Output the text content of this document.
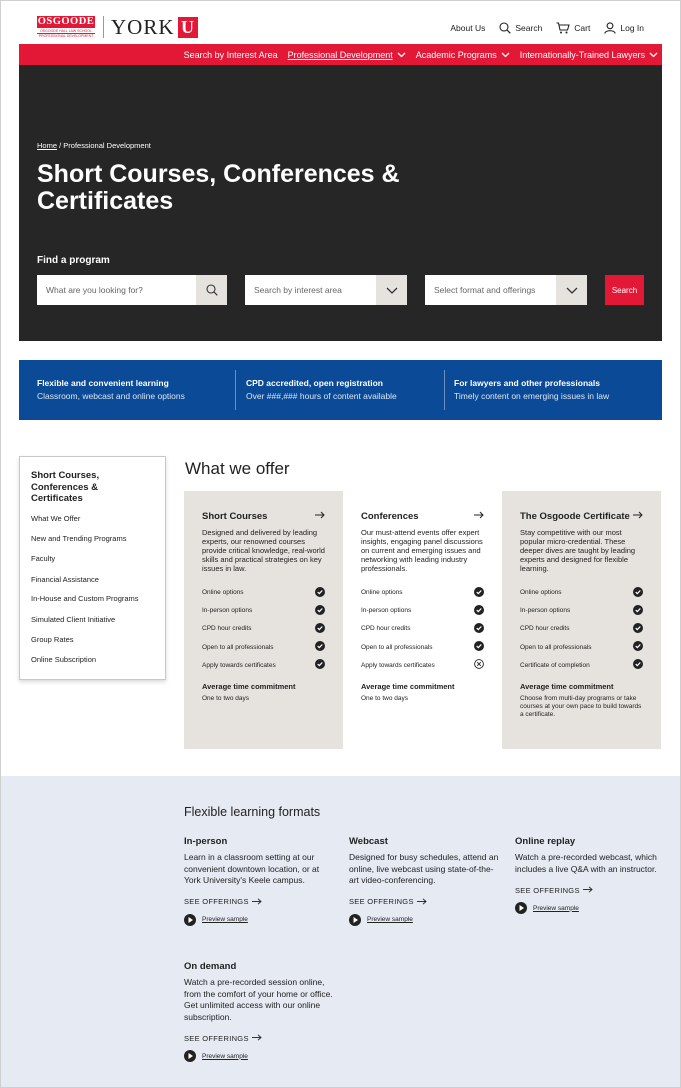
OSGOODE
OSGOODE HALL LAW SCHOOL
PROFESSIONAL DEVELOPMENT YORK U	About Us	Search	Cart	Log In
Search by Interest Area Professional Development	Academic Programs	Internationally-Trained Lawyers
Home / Professional Development
Short Courses, Conferences & Certificates
Find a program
What are you looking for?	Search by interest area	Select format and offerings	Search
Flexible and convenient learning
Classroom, webcast and online options
CPD accredited, open registration
Over ###,### hours of content available
For lawyers and other professionals
Timely content on emerging issues in law
Short Courses, Conferences & Certificates
What We Offer
New and Trending Programs
Faculty
Financial Assistance
In-House and Custom Programs
Simulated Client Initiative
Group Rates
Online Subscription
What we offer
Short Courses
Designed and delivered by leading experts, our renowned courses provide critical knowledge, real-world skills and practical strategies on key issues in law.
Online options
In-person options
CPD hour credits
Open to all professionals
Apply towards certificates
Average time commitment
One to two days
Conferences
Our must-attend events offer expert insights, engaging panel discussions on current and emerging issues and networking with leading industry professionals.
Online options
In-person options
CPD hour credits
Open to all professionals
Apply towards certificates
Average time commitment
One to two days
The Osgoode Certificate
Stay competitive with our most popular micro-credential. These deeper dives are taught by leading experts and designed for flexible learning.
Online options
In-person options
CPD hour credits
Open to all professionals
Certificate of completion
Average time commitment
Choose from multi-day programs or take courses at your own pace to build towards a certificate.
Flexible learning formats
In-person
Learn in a classroom setting at our convenient downtown location, or at York University's Keele campus.
SEE OFFERINGS
Preview sample
Webcast
Designed for busy schedules, attend an online, live webcast using state-of-the-art video-conferencing.
SEE OFFERINGS
Preview sample
Online replay
Watch a pre-recorded webcast, which includes a live Q&A with an instructor.
SEE OFFERINGS
Preview sample
On demand
Watch a pre-recorded session online, from the comfort of your home or office. Get unlimited access with our online subscription.
SEE OFFERINGS
Preview sample
